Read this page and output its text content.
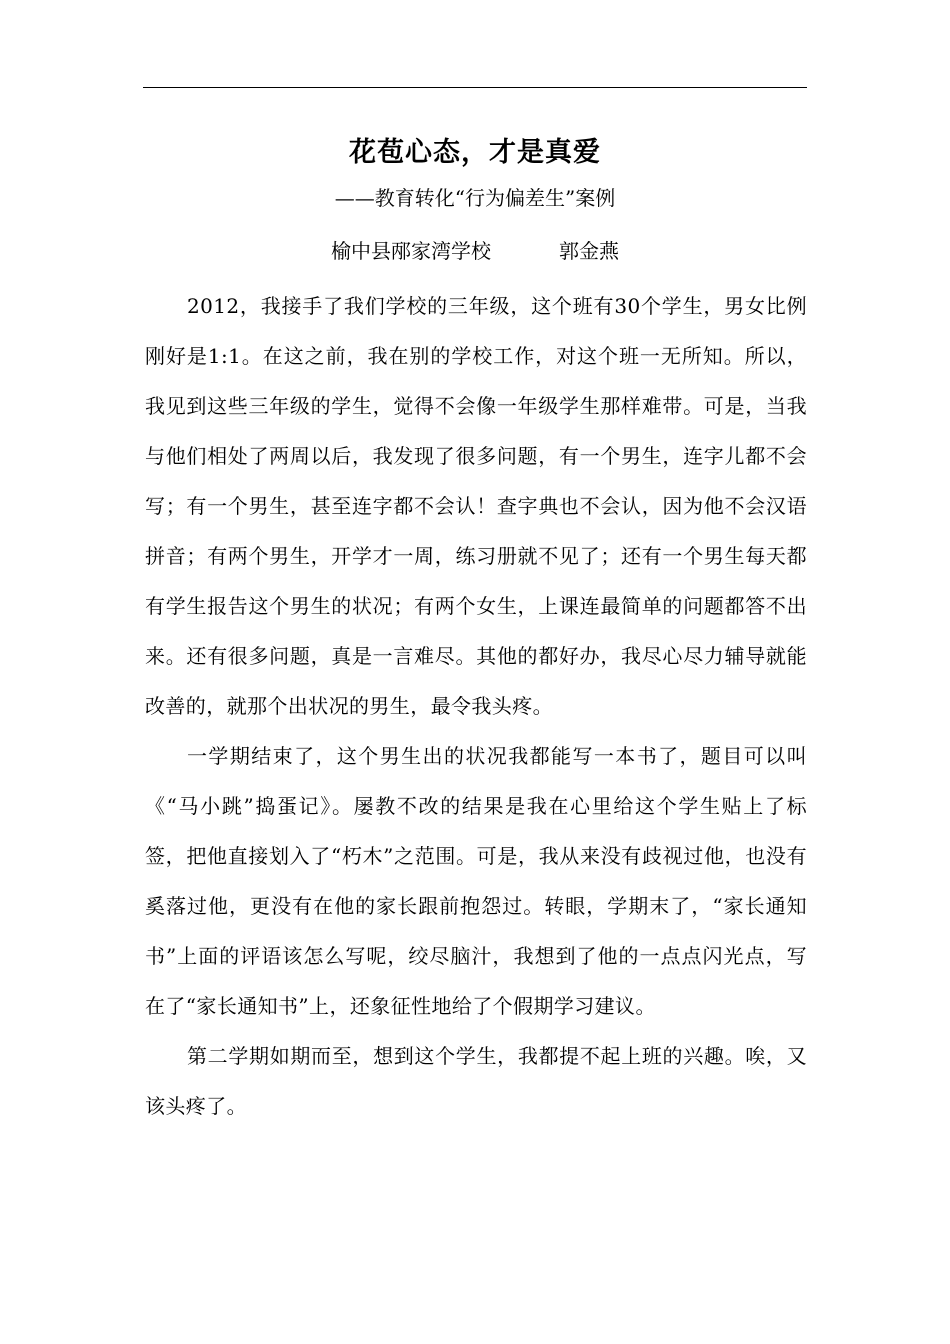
花苞心态，才是真爱
——教育转化“行为偏差生”案例
榆中县邴家湾学校	郭金燕

2012，我接手了我们学校的三年级，这个班有30个学生，男女比例刚好是1:1。在这之前，我在别的学校工作，对这个班一无所知。所以，我见到这些三年级的学生，觉得不会像一年级学生那样难带。可是，当我与他们相处了两周以后，我发现了很多问题，有一个男生，连字儿都不会写；有一个男生，甚至连字都不会认！查字典也不会认，因为他不会汉语拼音；有两个男生，开学才一周，练习册就不见了；还有一个男生每天都有学生报告这个男生的状况；有两个女生，上课连最简单的问题都答不出来。还有很多问题，真是一言难尽。其他的都好办，我尽心尽力辅导就能改善的，就那个出状况的男生，最令我头疼。

一学期结束了，这个男生出的状况我都能写一本书了，题目可以叫《“马小跳”捣蛋记》。屡教不改的结果是我在心里给这个学生贴上了标签，把他直接划入了“朽木”之范围。可是，我从来没有歧视过他，也没有奚落过他，更没有在他的家长跟前抱怨过。转眼，学期末了，“家长通知书”上面的评语该怎么写呢，绞尽脑汁，我想到了他的一点点闪光点，写在了“家长通知书”上，还象征性地给了个假期学习建议。

第二学期如期而至，想到这个学生，我都提不起上班的兴趣。唉，又该头疼了。
